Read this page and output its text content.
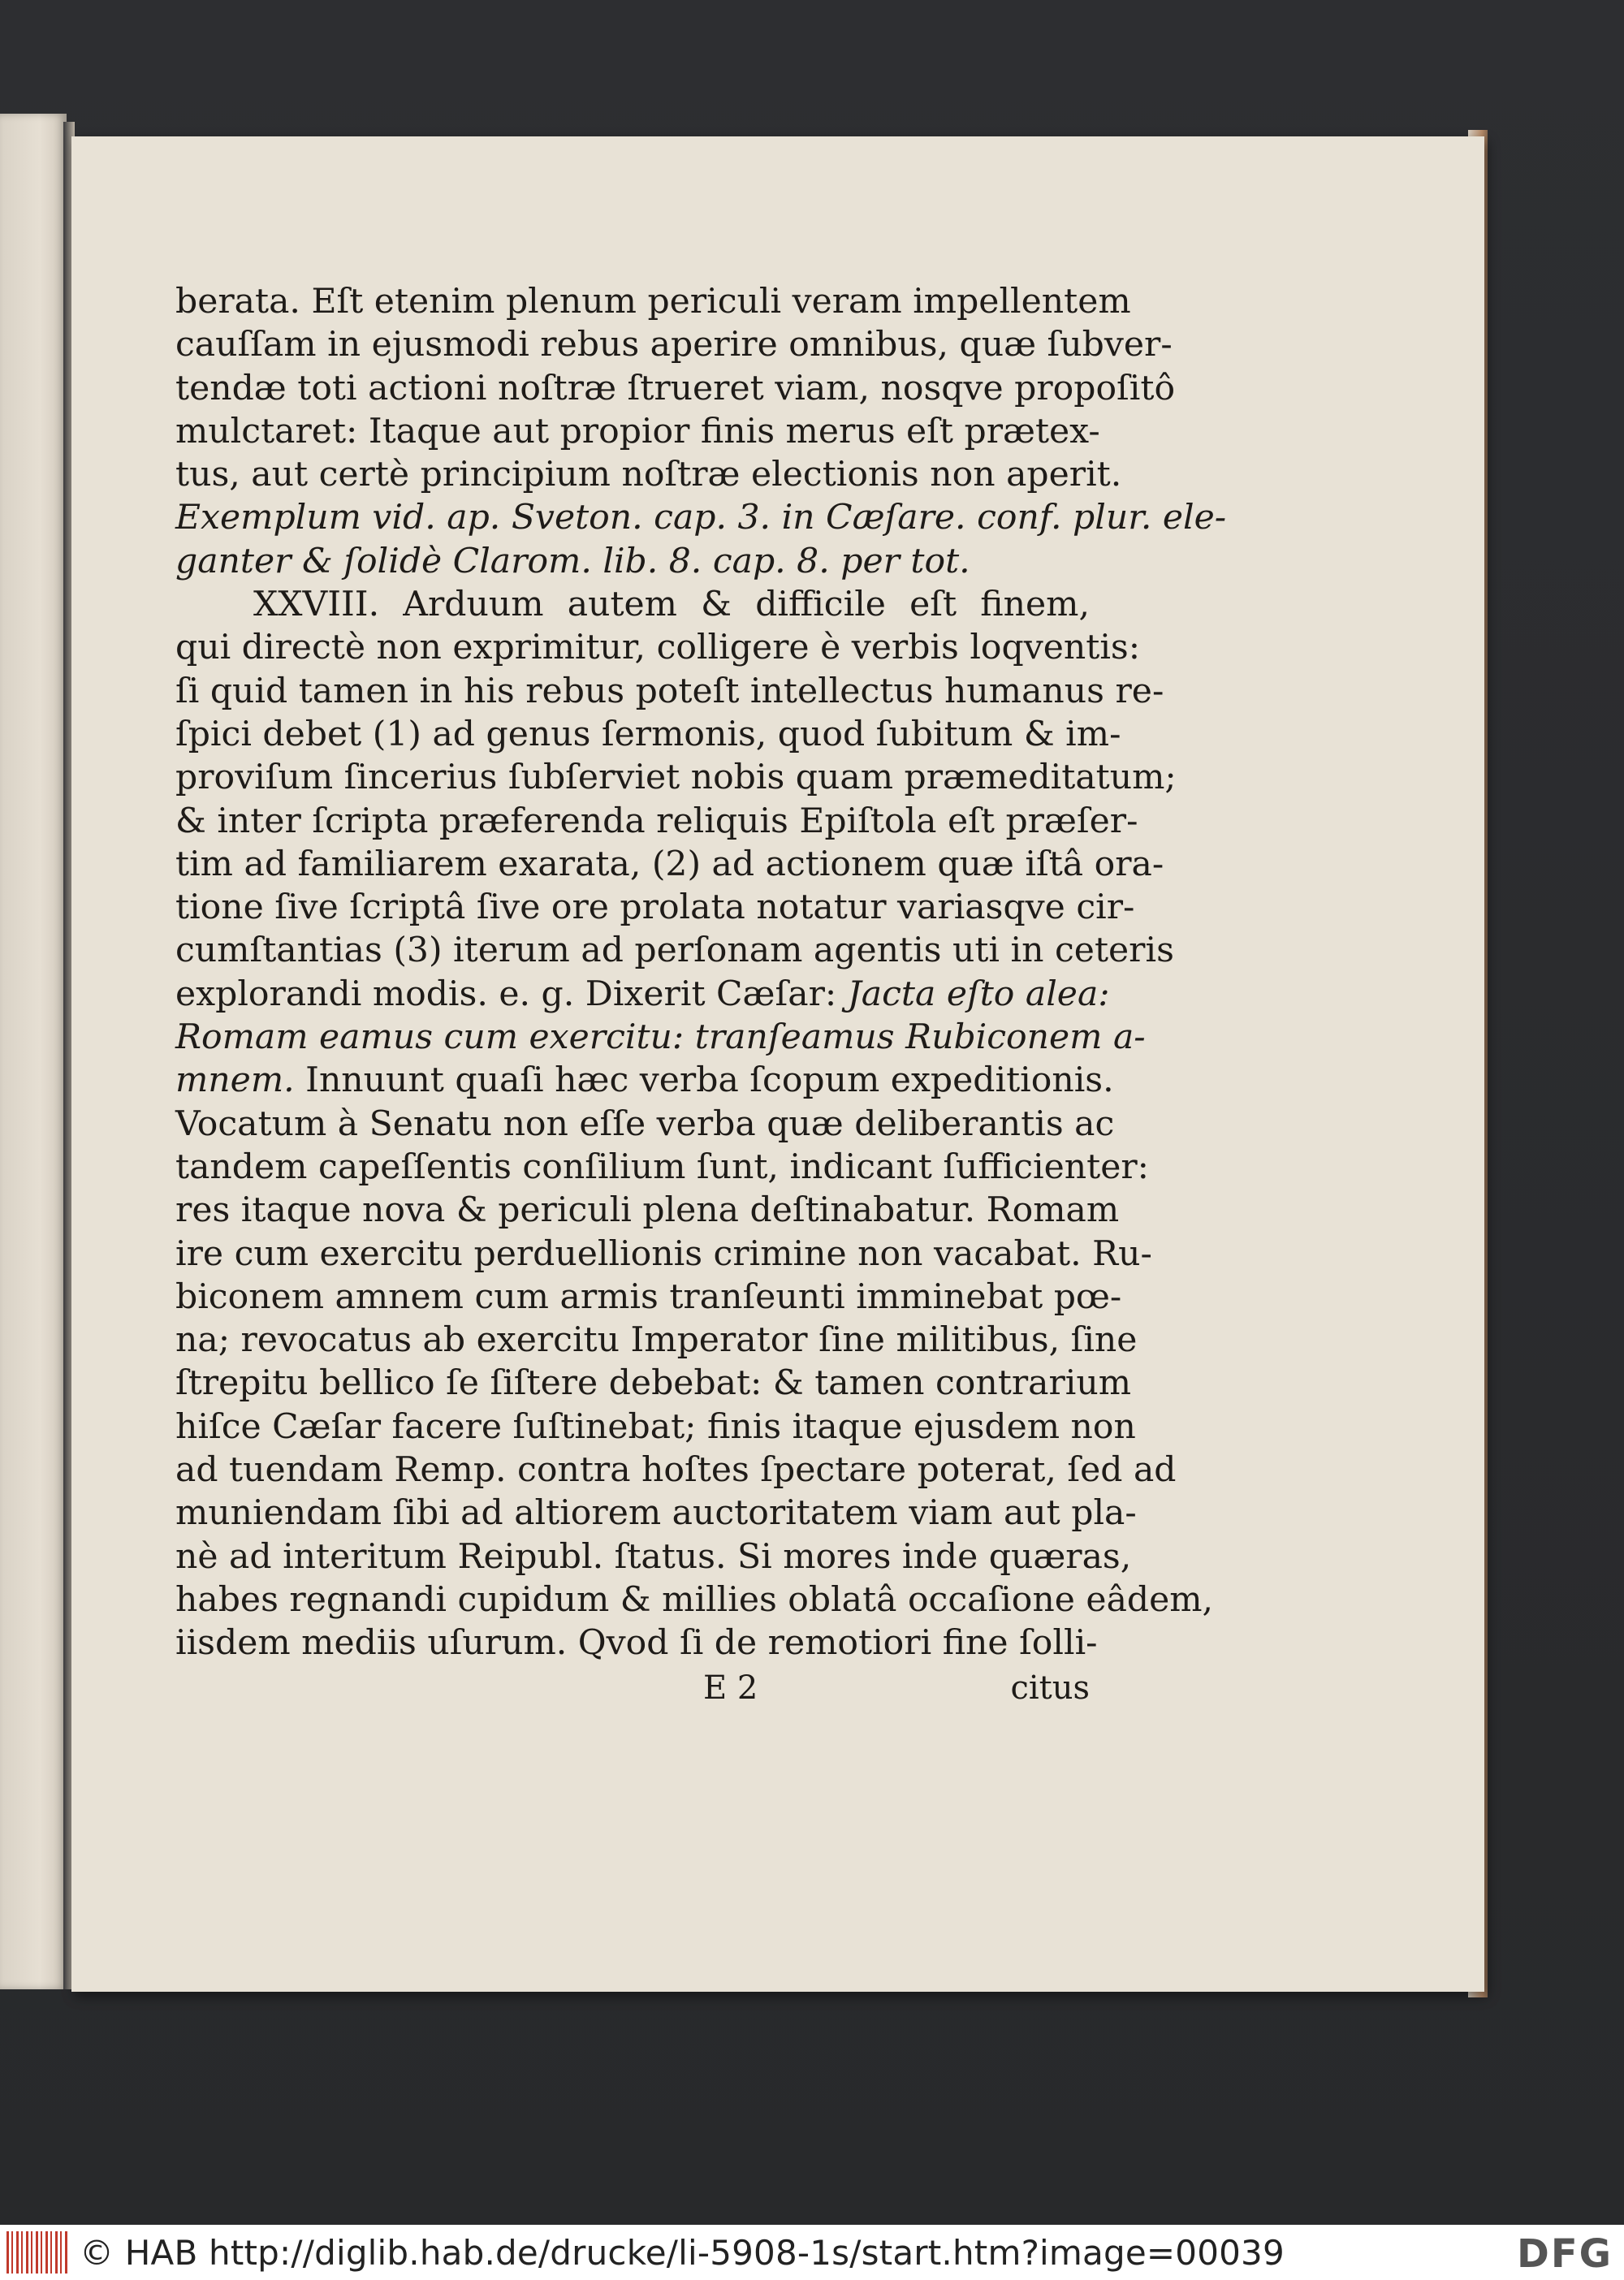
berata. Eſt etenim plenum periculi veram impellentem
cauſſam in ejusmodi rebus aperire omnibus, quæ ſubver-
tendæ toti actioni noſtræ ſtrueret viam, nosqve propoſitô
mulctaret: Itaque aut propior finis merus eſt prætex-
tus, aut certè principium noſtræ electionis non aperit.
Exemplum vid. ap. Sveton. cap. 3. in Cæſare. conf. plur. ele-
ganter & ſolidè Clarom. lib. 8. cap. 8. per tot.
XXVIII. Arduum autem & difficile eſt finem,
qui directè non exprimitur, colligere è verbis loqventis:
ſi quid tamen in his rebus poteſt intellectus humanus re-
ſpici debet (1) ad genus ſermonis, quod ſubitum & im-
proviſum ſincerius ſubſerviet nobis quam præmeditatum;
& inter ſcripta præferenda reliquis Epiſtola eſt præſer-
tim ad familiarem exarata, (2) ad actionem quæ iſtâ ora-
tione ſive ſcriptâ ſive ore prolata notatur variasqve cir-
cumſtantias (3) iterum ad perſonam agentis uti in ceteris
explorandi modis. e. g. Dixerit Cæſar: Jacta eſto alea:
Romam eamus cum exercitu: tranſeamus Rubiconem a-
mnem. Innuunt quaſi hæc verba ſcopum expeditionis.
Vocatum à Senatu non eſſe verba quæ deliberantis ac
tandem capeſſentis conſilium ſunt, indicant ſufficienter:
res itaque nova & periculi plena deſtinabatur. Romam
ire cum exercitu perduellionis crimine non vacabat. Ru-
biconem amnem cum armis tranſeunti imminebat pœ-
na; revocatus ab exercitu Imperator ſine militibus, ſine
ſtrepitu bellico ſe ſiſtere debebat: & tamen contrarium
hiſce Cæſar facere ſuſtinebat; finis itaque ejusdem non
ad tuendam Remp. contra hoſtes ſpectare poterat, ſed ad
muniendam ſibi ad altiorem auctoritatem viam aut pla-
nè ad interitum Reipubl. ſtatus. Si mores inde quæras,
habes regnandi cupidum & millies oblatâ occaſione eâdem,
iisdem mediis uſurum. Qvod ſi de remotiori fine ſolli-
E 2	citus
© HAB http://diglib.hab.de/drucke/li-5908-1s/start.htm?image=00039	DFG
